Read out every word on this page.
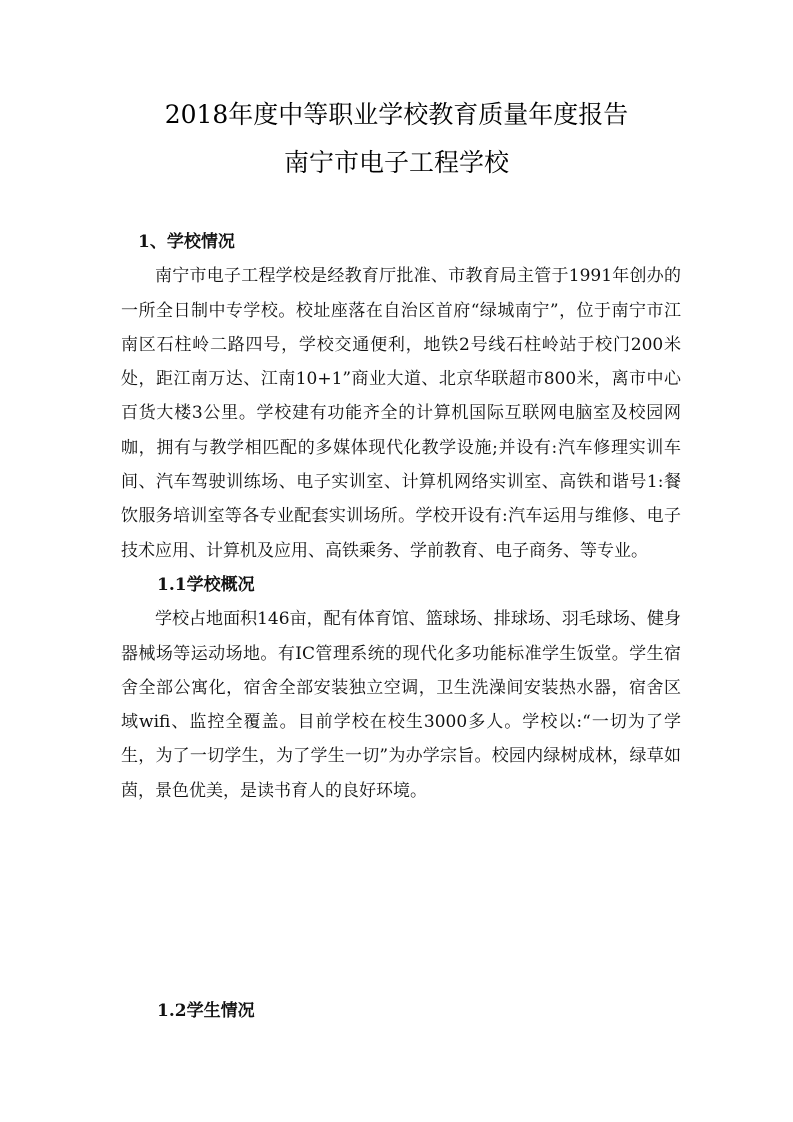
2018年度中等职业学校教育质量年度报告
南宁市电子工程学校

1、学校情况

南宁市电子工程学校是经教育厅批准、市教育局主管于1991年创办的一所全日制中专学校。校址座落在自治区首府“绿城南宁”，位于南宁市江南区石柱岭二路四号，学校交通便利，地铁2号线石柱岭站于校门200米处，距江南万达、江南10+1”商业大道、北京华联超市800米，离市中心百货大楼3公里。学校建有功能齐全的计算机国际互联网电脑室及校园网咖，拥有与教学相匹配的多媒体现代化教学设施;并设有:汽车修理实训车间、汽车驾驶训练场、电子实训室、计算机网络实训室、高铁和谐号1:餐饮服务培训室等各专业配套实训场所。学校开设有:汽车运用与维修、电子技术应用、计算机及应用、高铁乘务、学前教育、电子商务、等专业。

1.1学校概况

学校占地面积146亩，配有体育馆、篮球场、排球场、羽毛球场、健身器械场等运动场地。有IC管理系统的现代化多功能标准学生饭堂。学生宿舍全部公寓化，宿舍全部安装独立空调，卫生洗澡间安装热水器，宿舍区域wifi、监控全覆盖。目前学校在校生3000多人。学校以:“一切为了学生，为了一切学生，为了学生一切”为办学宗旨。校园内绿树成林，绿草如茵，景色优美，是读书育人的良好环境。

1.2学生情况
